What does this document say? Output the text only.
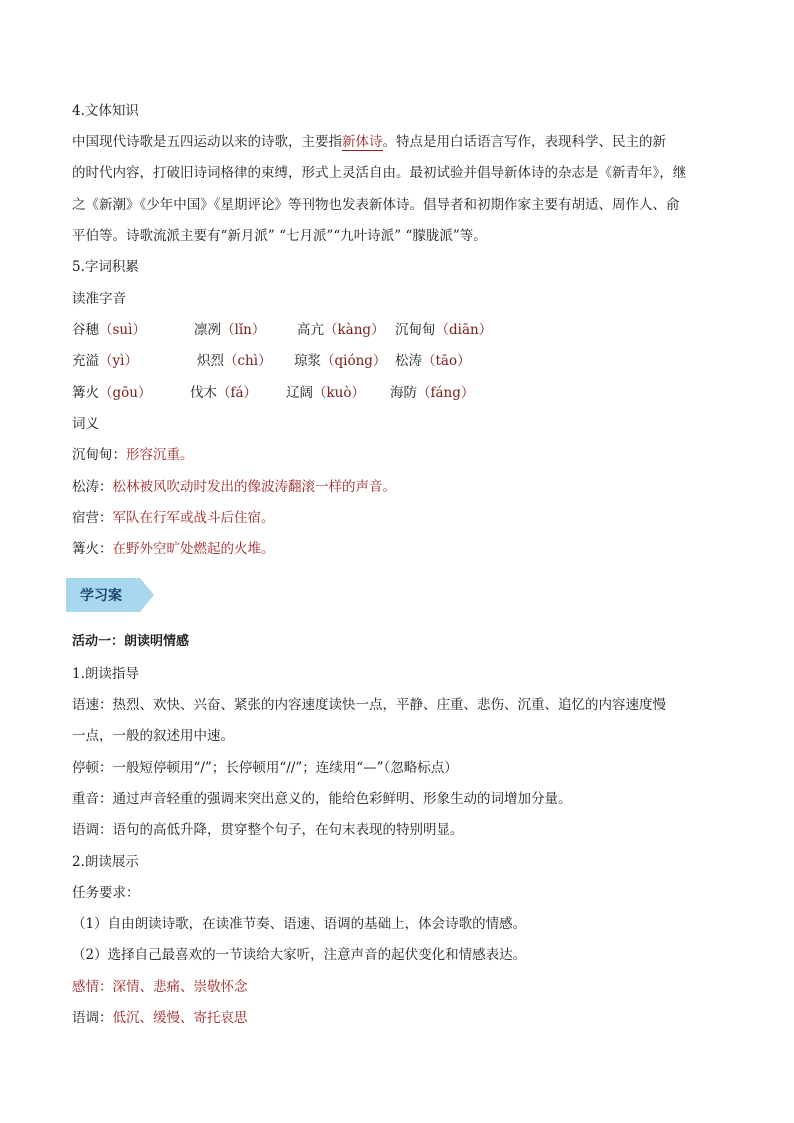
4.文体知识
中国现代诗歌是五四运动以来的诗歌，主要指新体诗。特点是用白话语言写作，表现科学、民主的新
的时代内容，打破旧诗词格律的束缚，形式上灵活自由。最初试验并倡导新体诗的杂志是《新青年》，继
之《新潮》《少年中国》《星期评论》等刊物也发表新体诗。倡导者和初期作家主要有胡适、周作人、俞
平伯等。诗歌流派主要有“新月派” “七月派”“九叶诗派” “朦胧派”等。
5.字词积累
读准字音
谷穗（suì）	凛冽（lǐn） 高亢（kàng） 沉甸甸（diān）
充溢（yì）	炽烈（chì） 琼浆（qióng） 松涛（tāo）
篝火（gōu）	伐木（fá） 辽阔（kuò） 海防（fáng）
词义
沉甸甸：形容沉重。
松涛：松林被风吹动时发出的像波涛翻滚一样的声音。
宿营：军队在行军或战斗后住宿。
篝火：在野外空旷处燃起的火堆。
学习案
活动一：朗读明情感
1.朗读指导
语速：热烈、欢快、兴奋、紧张的内容速度读快一点，平静、庄重、悲伤、沉重、追忆的内容速度慢
一点，一般的叙述用中速。
停顿：一般短停顿用“/”；长停顿用“//”；连续用“—”（忽略标点）
重音：通过声音轻重的强调来突出意义的，能给色彩鲜明、形象生动的词增加分量。
语调：语句的高低升降，贯穿整个句子，在句末表现的特别明显。
2.朗读展示
任务要求：
（1）自由朗读诗歌，在读准节奏、语速、语调的基础上，体会诗歌的情感。
（2）选择自己最喜欢的一节读给大家听，注意声音的起伏变化和情感表达。
感情：深情、悲痛、崇敬怀念
语调：低沉、缓慢、寄托哀思
